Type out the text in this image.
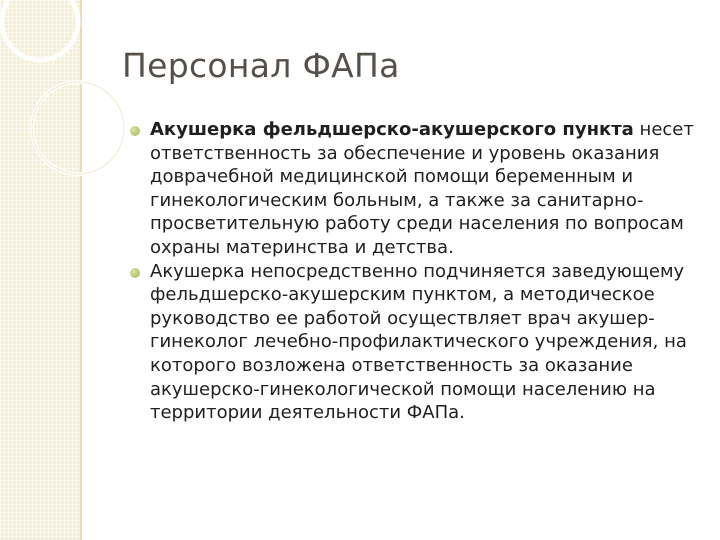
Персонал ФАПа
Акушерка фельдшерско-акушерского пункта несет ответственность за обеспечение и уровень оказания доврачебной медицинской помощи беременным и гинекологическим больным, а также за санитарно-просветительную работу среди населения по вопросам охраны материнства и детства.
Акушерка непосредственно подчиняется заведующему фельдшерско-акушерским пунктом, а методическое руководство ее работой осуществляет врач акушер-гинеколог лечебно-профилактического учреждения, на которого возложена ответственность за оказание акушерско-гинекологической помощи населению на территории деятельности ФАПа.
